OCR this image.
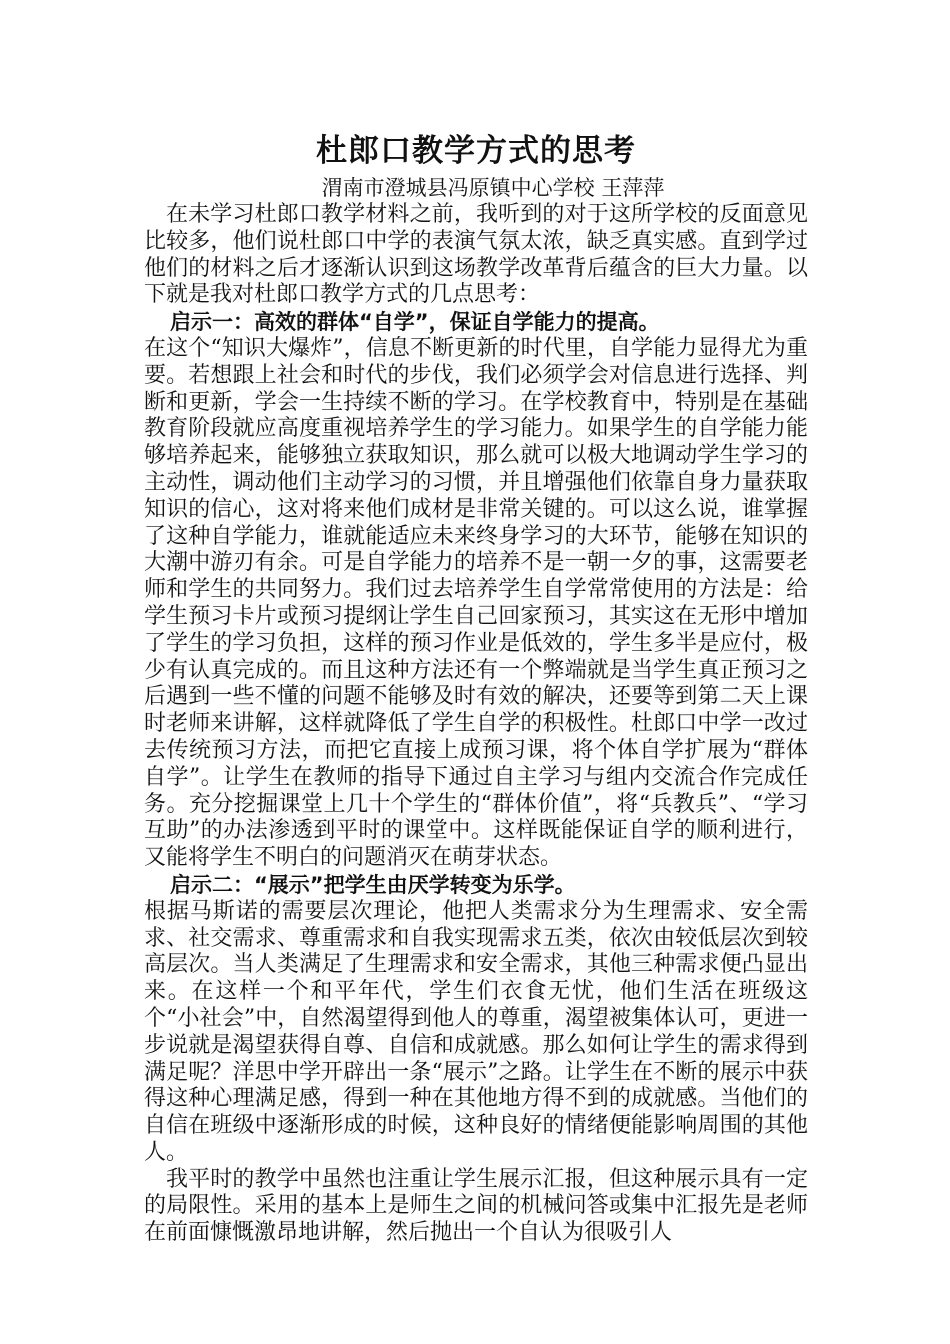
杜郎口教学方式的思考
渭南市澄城县冯原镇中心学校 王萍萍

在未学习杜郎口教学材料之前，我听到的对于这所学校的反面意见比较多，他们说杜郎口中学的表演气氛太浓，缺乏真实感。直到学过他们的材料之后才逐渐认识到这场教学改革背后蕴含的巨大力量。以下就是我对杜郎口教学方式的几点思考：

启示一：高效的群体“自学”，保证自学能力的提高。

在这个“知识大爆炸”，信息不断更新的时代里，自学能力显得尤为重要。若想跟上社会和时代的步伐，我们必须学会对信息进行选择、判断和更新，学会一生持续不断的学习。在学校教育中，特别是在基础教育阶段就应高度重视培养学生的学习能力。如果学生的自学能力能够培养起来，能够独立获取知识，那么就可以极大地调动学生学习的主动性，调动他们主动学习的习惯，并且增强他们依靠自身力量获取知识的信心，这对将来他们成材是非常关键的。可以这么说，谁掌握了这种自学能力，谁就能适应未来终身学习的大环节，能够在知识的大潮中游刃有余。可是自学能力的培养不是一朝一夕的事，这需要老师和学生的共同努力。我们过去培养学生自学常常使用的方法是：给学生预习卡片或预习提纲让学生自己回家预习，其实这在无形中增加了学生的学习负担，这样的预习作业是低效的，学生多半是应付，极少有认真完成的。而且这种方法还有一个弊端就是当学生真正预习之后遇到一些不懂的问题不能够及时有效的解决，还要等到第二天上课时老师来讲解，这样就降低了学生自学的积极性。杜郎口中学一改过去传统预习方法，而把它直接上成预习课，将个体自学扩展为“群体自学”。让学生在教师的指导下通过自主学习与组内交流合作完成任务。充分挖掘课堂上几十个学生的“群体价值”，将“兵教兵”、“学习互助”的办法渗透到平时的课堂中。这样既能保证自学的顺利进行，又能将学生不明白的问题消灭在萌芽状态。

启示二：“展示”把学生由厌学转变为乐学。

根据马斯诺的需要层次理论，他把人类需求分为生理需求、安全需求、社交需求、尊重需求和自我实现需求五类，依次由较低层次到较高层次。当人类满足了生理需求和安全需求，其他三种需求便凸显出来。在这样一个和平年代，学生们衣食无忧，他们生活在班级这个“小社会”中，自然渴望得到他人的尊重，渴望被集体认可，更进一步说就是渴望获得自尊、自信和成就感。那么如何让学生的需求得到满足呢？洋思中学开辟出一条“展示”之路。让学生在不断的展示中获得这种心理满足感，得到一种在其他地方得不到的成就感。当他们的自信在班级中逐渐形成的时候，这种良好的情绪便能影响周围的其他人。

我平时的教学中虽然也注重让学生展示汇报，但这种展示具有一定的局限性。采用的基本上是师生之间的机械问答或集中汇报先是老师在前面慷慨激昂地讲解，然后抛出一个自认为很吸引人
